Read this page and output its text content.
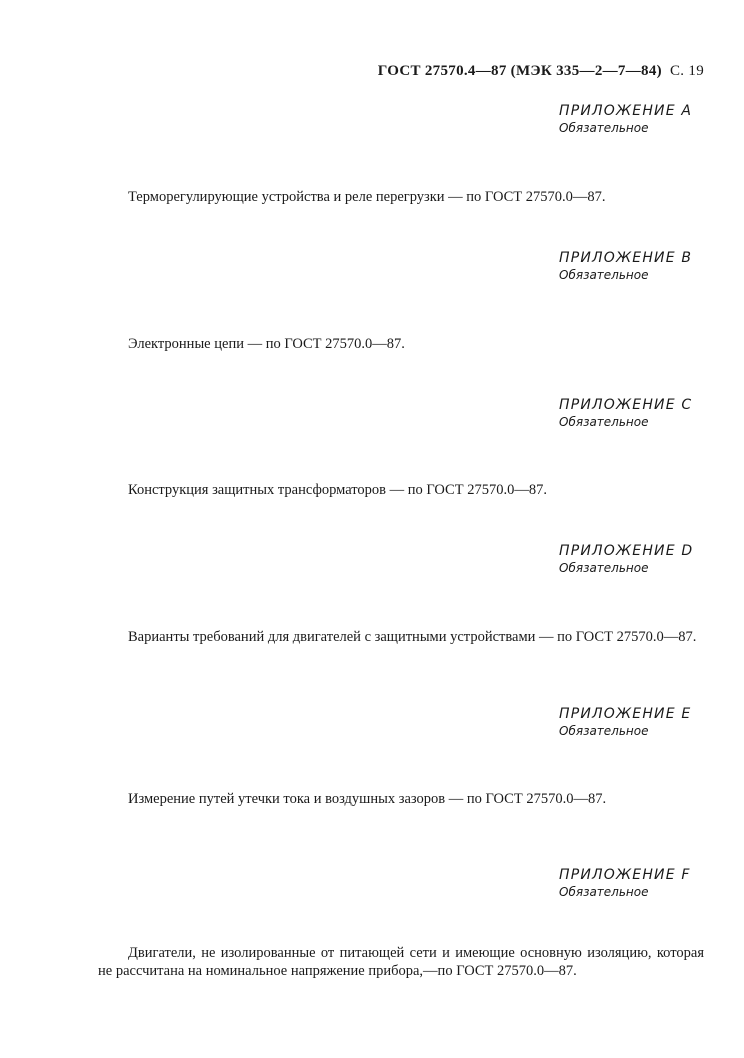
ГОСТ 27570.4—87 (МЭК 335—2—7—84) С. 19
ПРИЛОЖЕНИЕ A
Обязательное
Терморегулирующие устройства и реле перегрузки — по ГОСТ 27570.0—87.
ПРИЛОЖЕНИЕ B
Обязательное
Электронные цепи — по ГОСТ 27570.0—87.
ПРИЛОЖЕНИЕ C
Обязательное
Конструкция защитных трансформаторов — по ГОСТ 27570.0—87.
ПРИЛОЖЕНИЕ D
Обязательное
Варианты требований для двигателей с защитными устройствами — по ГОСТ 27570.0—87.
ПРИЛОЖЕНИЕ E
Обязательное
Измерение путей утечки тока и воздушных зазоров — по ГОСТ 27570.0—87.
ПРИЛОЖЕНИЕ F
Обязательное
Двигатели, не изолированные от питающей сети и имеющие основную изоляцию, которая не рассчитана на номинальное напряжение прибора,—по ГОСТ 27570.0—87.
